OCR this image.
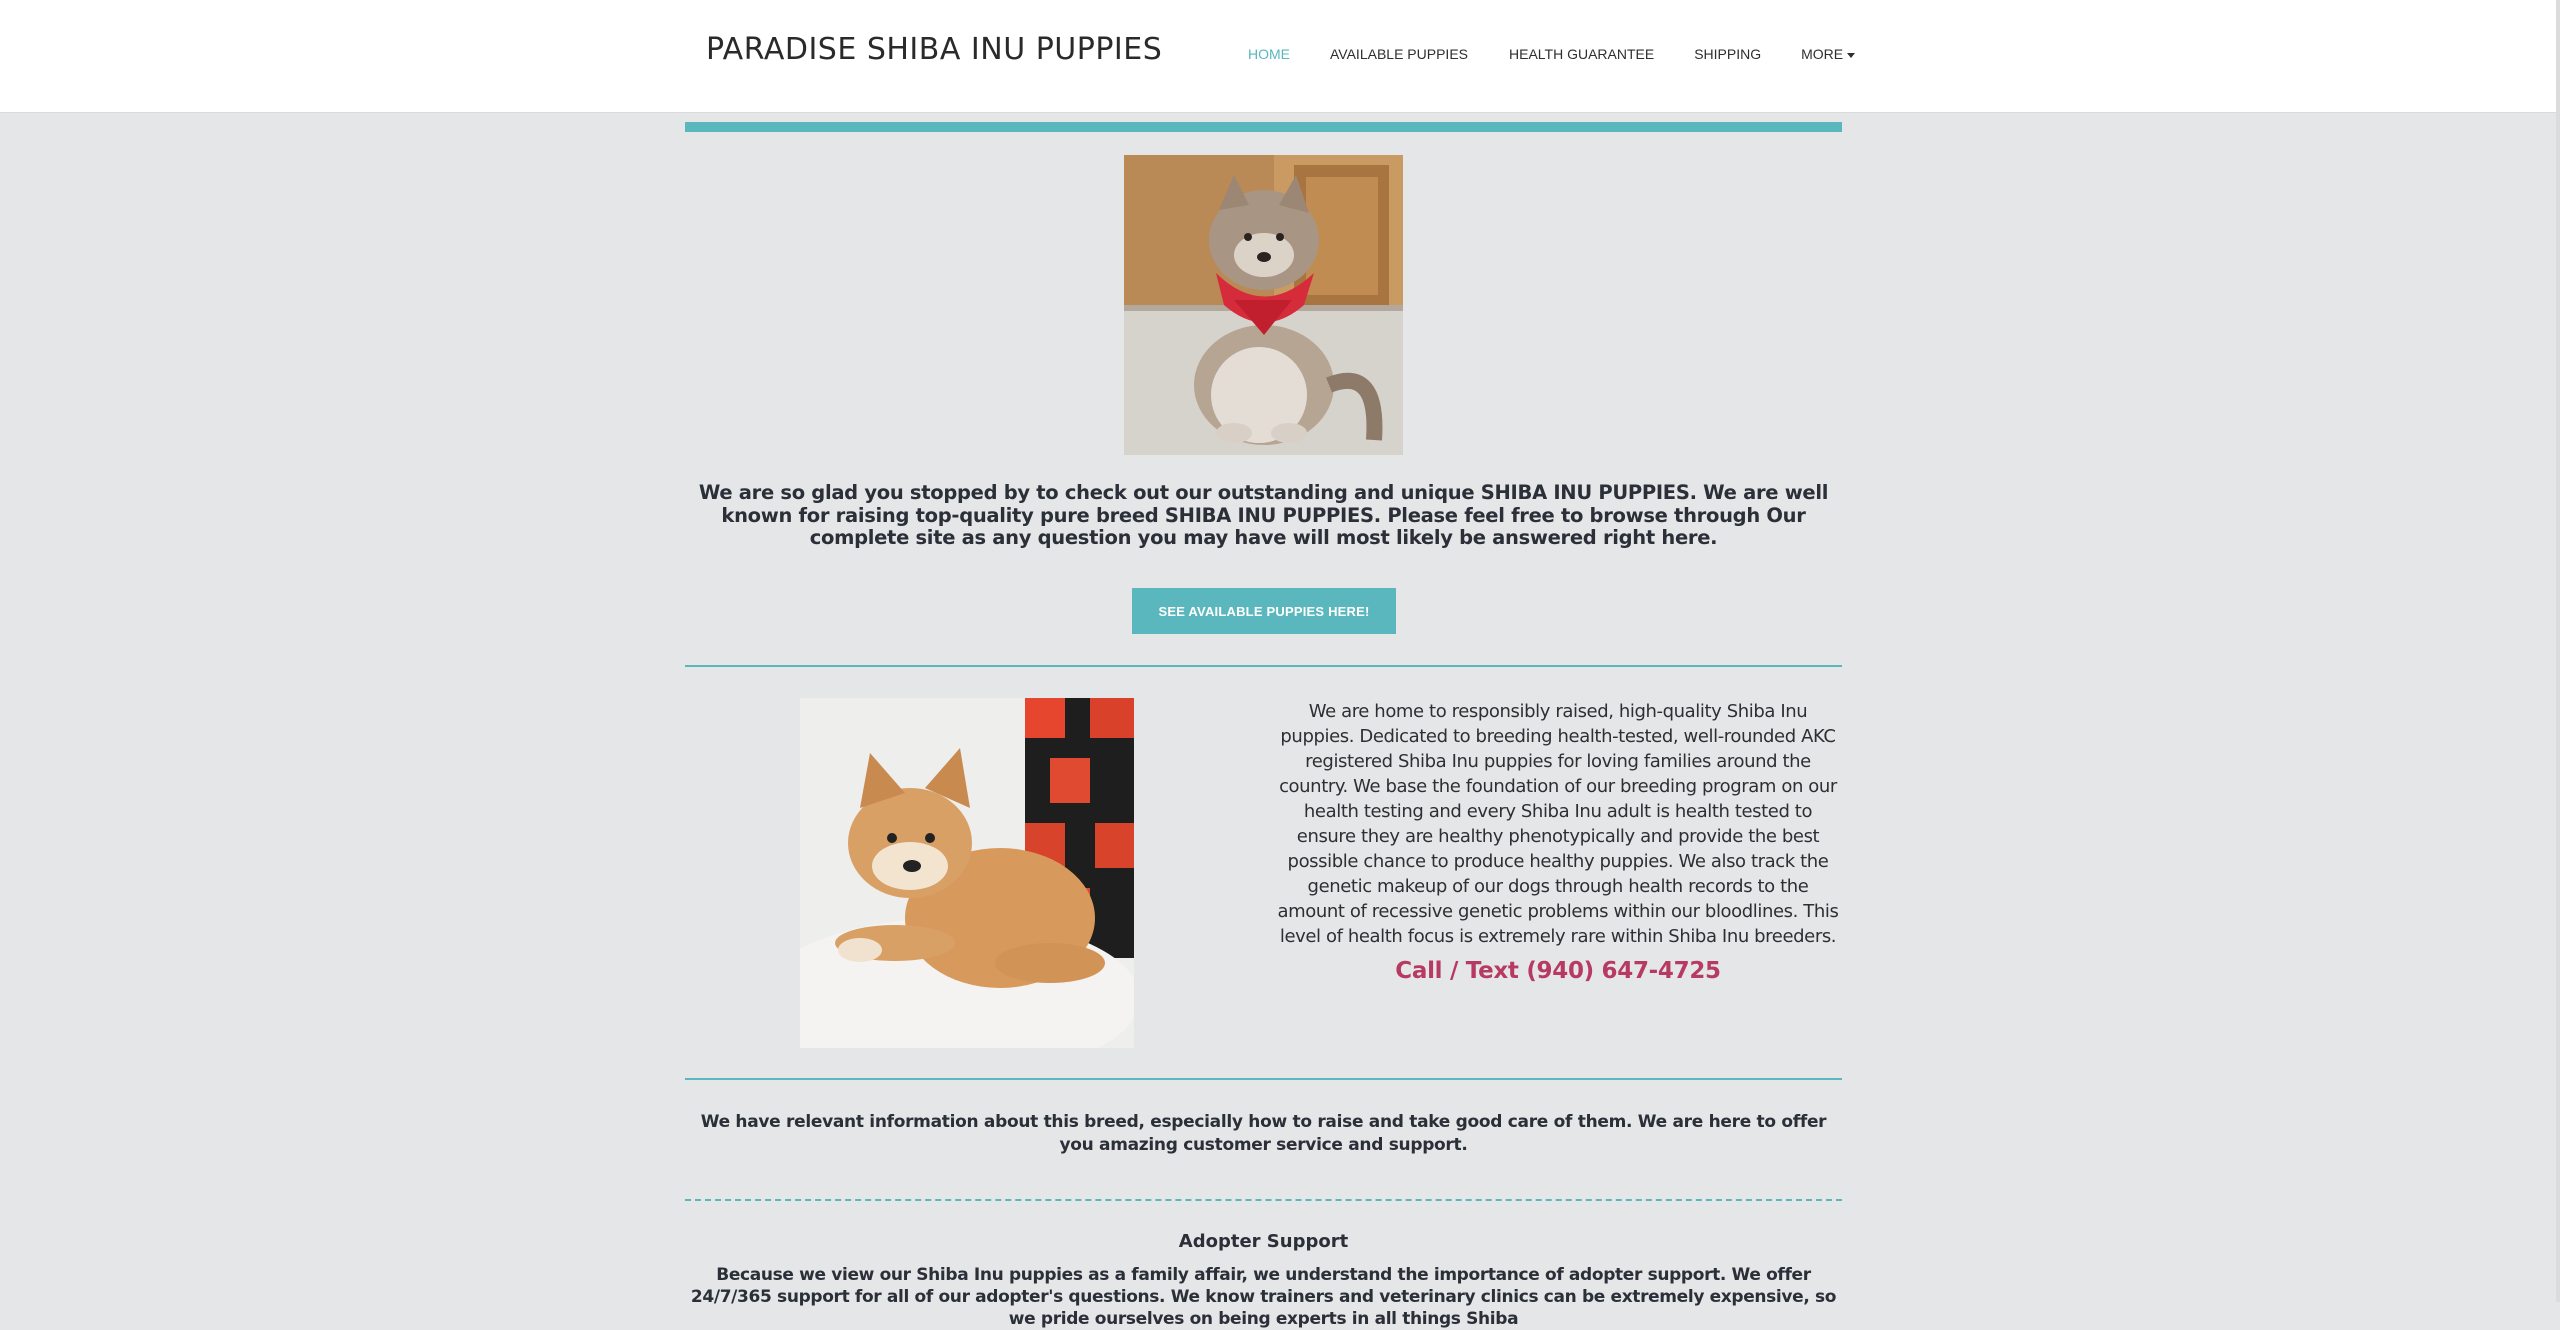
PARADISE SHIBA INU PUPPIES	HOME	AVAILABLE PUPPIES	HEALTH GUARANTEE	SHIPPING	MORE
We are so glad you stopped by to check out our outstanding and unique SHIBA INU PUPPIES. We are well known for raising top-quality pure breed SHIBA INU PUPPIES. Please feel free to browse through Our complete site as any question you may have will most likely be answered right here.
SEE AVAILABLE PUPPIES HERE!
We are home to responsibly raised, high-quality Shiba Inu puppies. Dedicated to breeding health-tested, well-rounded AKC registered Shiba Inu puppies for loving families around the country. We base the foundation of our breeding program on our health testing and every Shiba Inu adult is health tested to ensure they are healthy phenotypically and provide the best possible chance to produce healthy puppies. We also track the genetic makeup of our dogs through health records to the amount of recessive genetic problems within our bloodlines. This level of health focus is extremely rare within Shiba Inu breeders.
Call / Text (940) 647-4725
We have relevant information about this breed, especially how to raise and take good care of them. We are here to offer you amazing customer service and support.
Adopter Support
Because we view our Shiba Inu puppies as a family affair, we understand the importance of adopter support. We offer 24/7/365 support for all of our adopter's questions. We know trainers and veterinary clinics can be extremely expensive, so we pride ourselves on being experts in all things Shiba
